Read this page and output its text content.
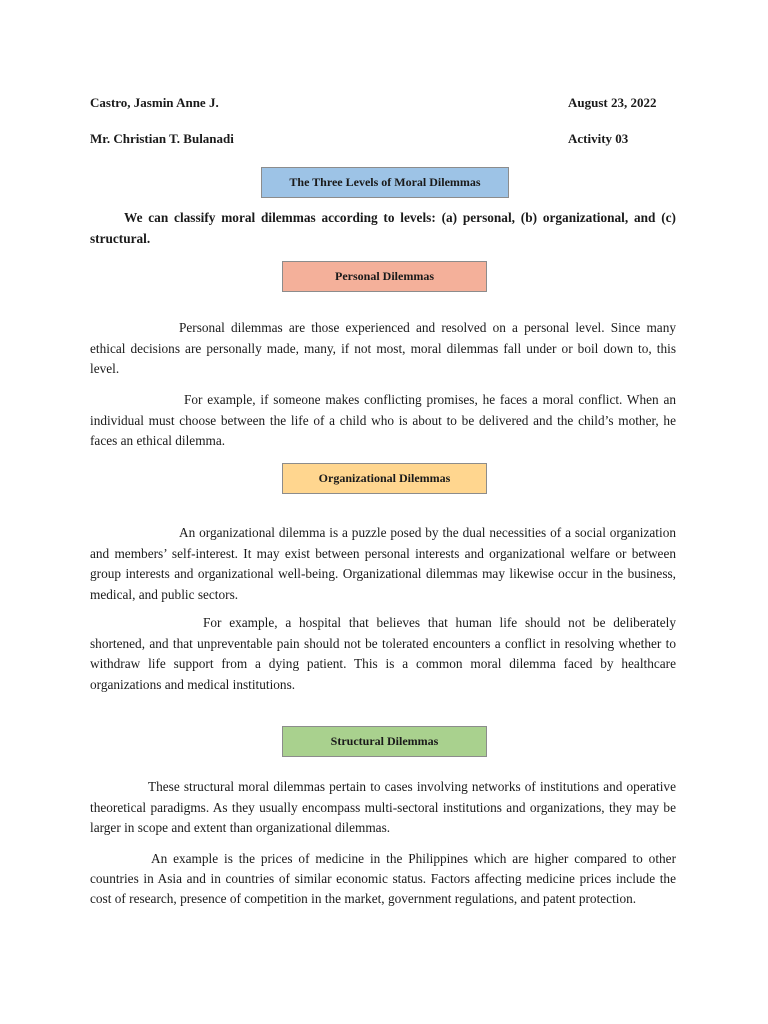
Castro, Jasmin Anne J.	August 23, 2022
Mr. Christian T. Bulanadi	Activity 03
The Three Levels of Moral Dilemmas

We can classify moral dilemmas according to levels: (a) personal, (b) organizational, and (c) structural.

Personal Dilemmas

Personal dilemmas are those experienced and resolved on a personal level. Since many ethical decisions are personally made, many, if not most, moral dilemmas fall under or boil down to, this level.

For example, if someone makes conflicting promises, he faces a moral conflict. When an individual must choose between the life of a child who is about to be delivered and the child’s mother, he faces an ethical dilemma.

Organizational Dilemmas

An organizational dilemma is a puzzle posed by the dual necessities of a social organization and members’ self-interest. It may exist between personal interests and organizational welfare or between group interests and organizational well-being. Organizational dilemmas may likewise occur in the business, medical, and public sectors.

For example, a hospital that believes that human life should not be deliberately shortened, and that unpreventable pain should not be tolerated encounters a conflict in resolving whether to withdraw life support from a dying patient. This is a common moral dilemma faced by healthcare organizations and medical institutions.

Structural Dilemmas

These structural moral dilemmas pertain to cases involving networks of institutions and operative theoretical paradigms. As they usually encompass multi-sectoral institutions and organizations, they may be larger in scope and extent than organizational dilemmas.

An example is the prices of medicine in the Philippines which are higher compared to other countries in Asia and in countries of similar economic status. Factors affecting medicine prices include the cost of research, presence of competition in the market, government regulations, and patent protection.
